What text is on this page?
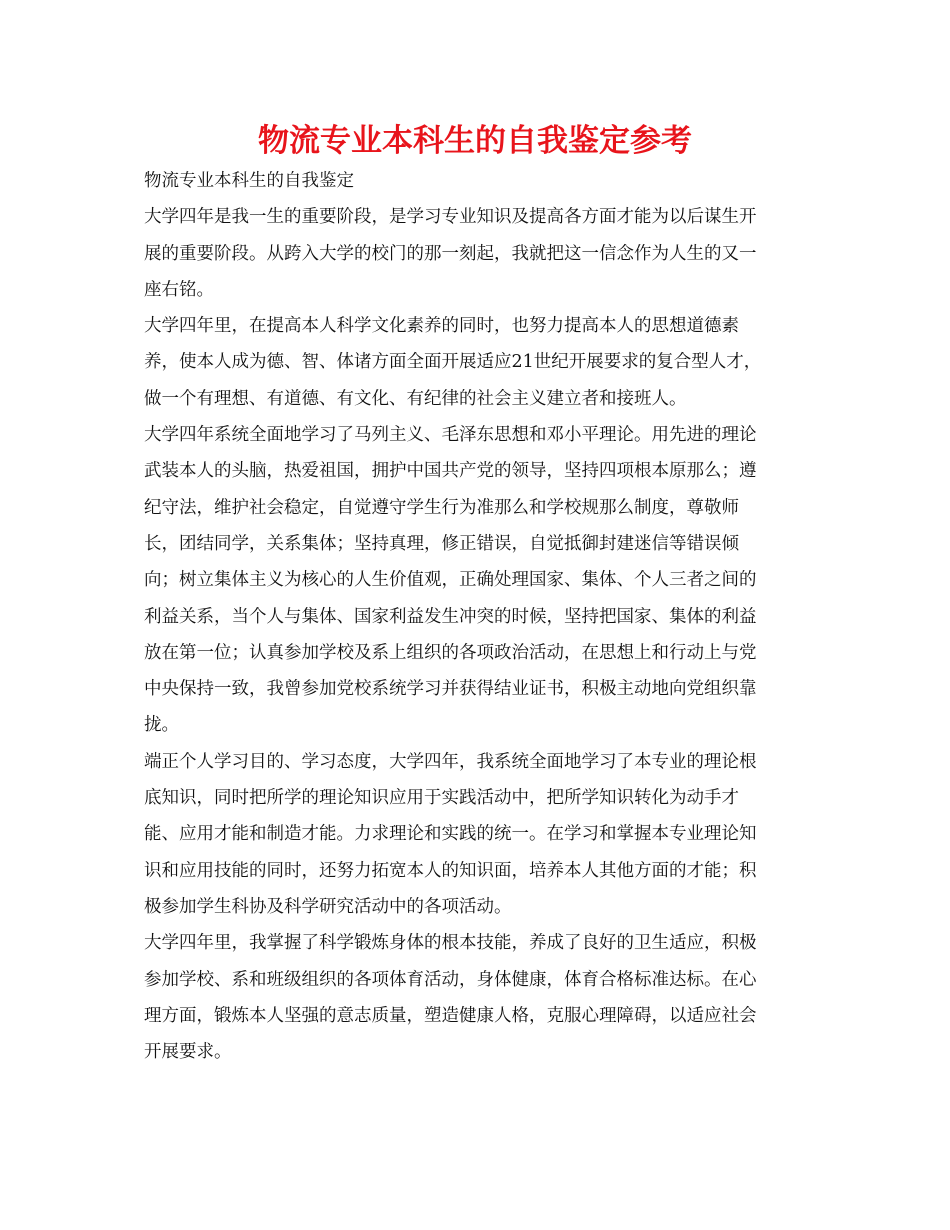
物流专业本科生的自我鉴定参考
物流专业本科生的自我鉴定
大学四年是我一生的重要阶段，是学习专业知识及提高各方面才能为以后谋生开
展的重要阶段。从跨入大学的校门的那一刻起，我就把这一信念作为人生的又一
座右铭。
大学四年里，在提高本人科学文化素养的同时，也努力提高本人的思想道德素
养，使本人成为德、智、体诸方面全面开展适应21世纪开展要求的复合型人才，
做一个有理想、有道德、有文化、有纪律的社会主义建立者和接班人。
大学四年系统全面地学习了马列主义、毛泽东思想和邓小平理论。用先进的理论
武装本人的头脑，热爱祖国，拥护中国共产党的领导，坚持四项根本原那么；遵
纪守法，维护社会稳定，自觉遵守学生行为准那么和学校规那么制度，尊敬师
长，团结同学，关系集体；坚持真理，修正错误，自觉抵御封建迷信等错误倾
向；树立集体主义为核心的人生价值观，正确处理国家、集体、个人三者之间的
利益关系，当个人与集体、国家利益发生冲突的时候，坚持把国家、集体的利益
放在第一位；认真参加学校及系上组织的各项政治活动，在思想上和行动上与党
中央保持一致，我曾参加党校系统学习并获得结业证书，积极主动地向党组织靠
拢。
端正个人学习目的、学习态度，大学四年，我系统全面地学习了本专业的理论根
底知识，同时把所学的理论知识应用于实践活动中，把所学知识转化为动手才
能、应用才能和制造才能。力求理论和实践的统一。在学习和掌握本专业理论知
识和应用技能的同时，还努力拓宽本人的知识面，培养本人其他方面的才能；积
极参加学生科协及科学研究活动中的各项活动。
大学四年里，我掌握了科学锻炼身体的根本技能，养成了良好的卫生适应，积极
参加学校、系和班级组织的各项体育活动，身体健康，体育合格标准达标。在心
理方面，锻炼本人坚强的意志质量，塑造健康人格，克服心理障碍，以适应社会
开展要求。
